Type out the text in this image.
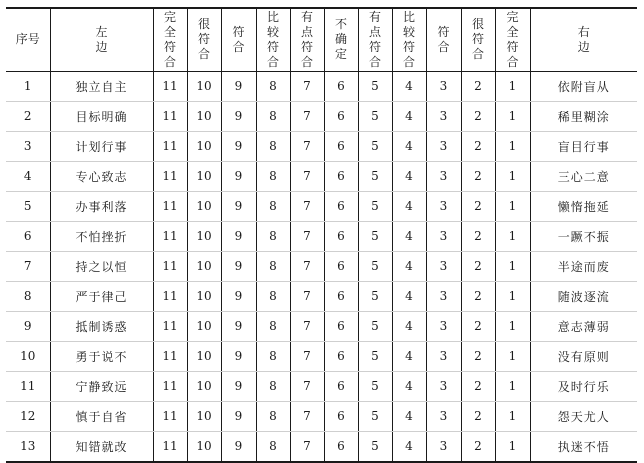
序号	左边	完全符合	很符合	符合	比较符合	有点符合	不确定	有点符合	比较符合	符合	很符合	完全符合	右边
1	独立自主	11	10	9	8	7	6	5	4	3	2	1	依附盲从
2	目标明确	11	10	9	8	7	6	5	4	3	2	1	稀里糊涂
3	计划行事	11	10	9	8	7	6	5	4	3	2	1	盲目行事
4	专心致志	11	10	9	8	7	6	5	4	3	2	1	三心二意
5	办事利落	11	10	9	8	7	6	5	4	3	2	1	懒惰拖延
6	不怕挫折	11	10	9	8	7	6	5	4	3	2	1	一蹶不振
7	持之以恒	11	10	9	8	7	6	5	4	3	2	1	半途而废
8	严于律己	11	10	9	8	7	6	5	4	3	2	1	随波逐流
9	抵制诱惑	11	10	9	8	7	6	5	4	3	2	1	意志薄弱
10	勇于说不	11	10	9	8	7	6	5	4	3	2	1	没有原则
11	宁静致远	11	10	9	8	7	6	5	4	3	2	1	及时行乐
12	慎于自省	11	10	9	8	7	6	5	4	3	2	1	怨天尤人
13	知错就改	11	10	9	8	7	6	5	4	3	2	1	执迷不悟
